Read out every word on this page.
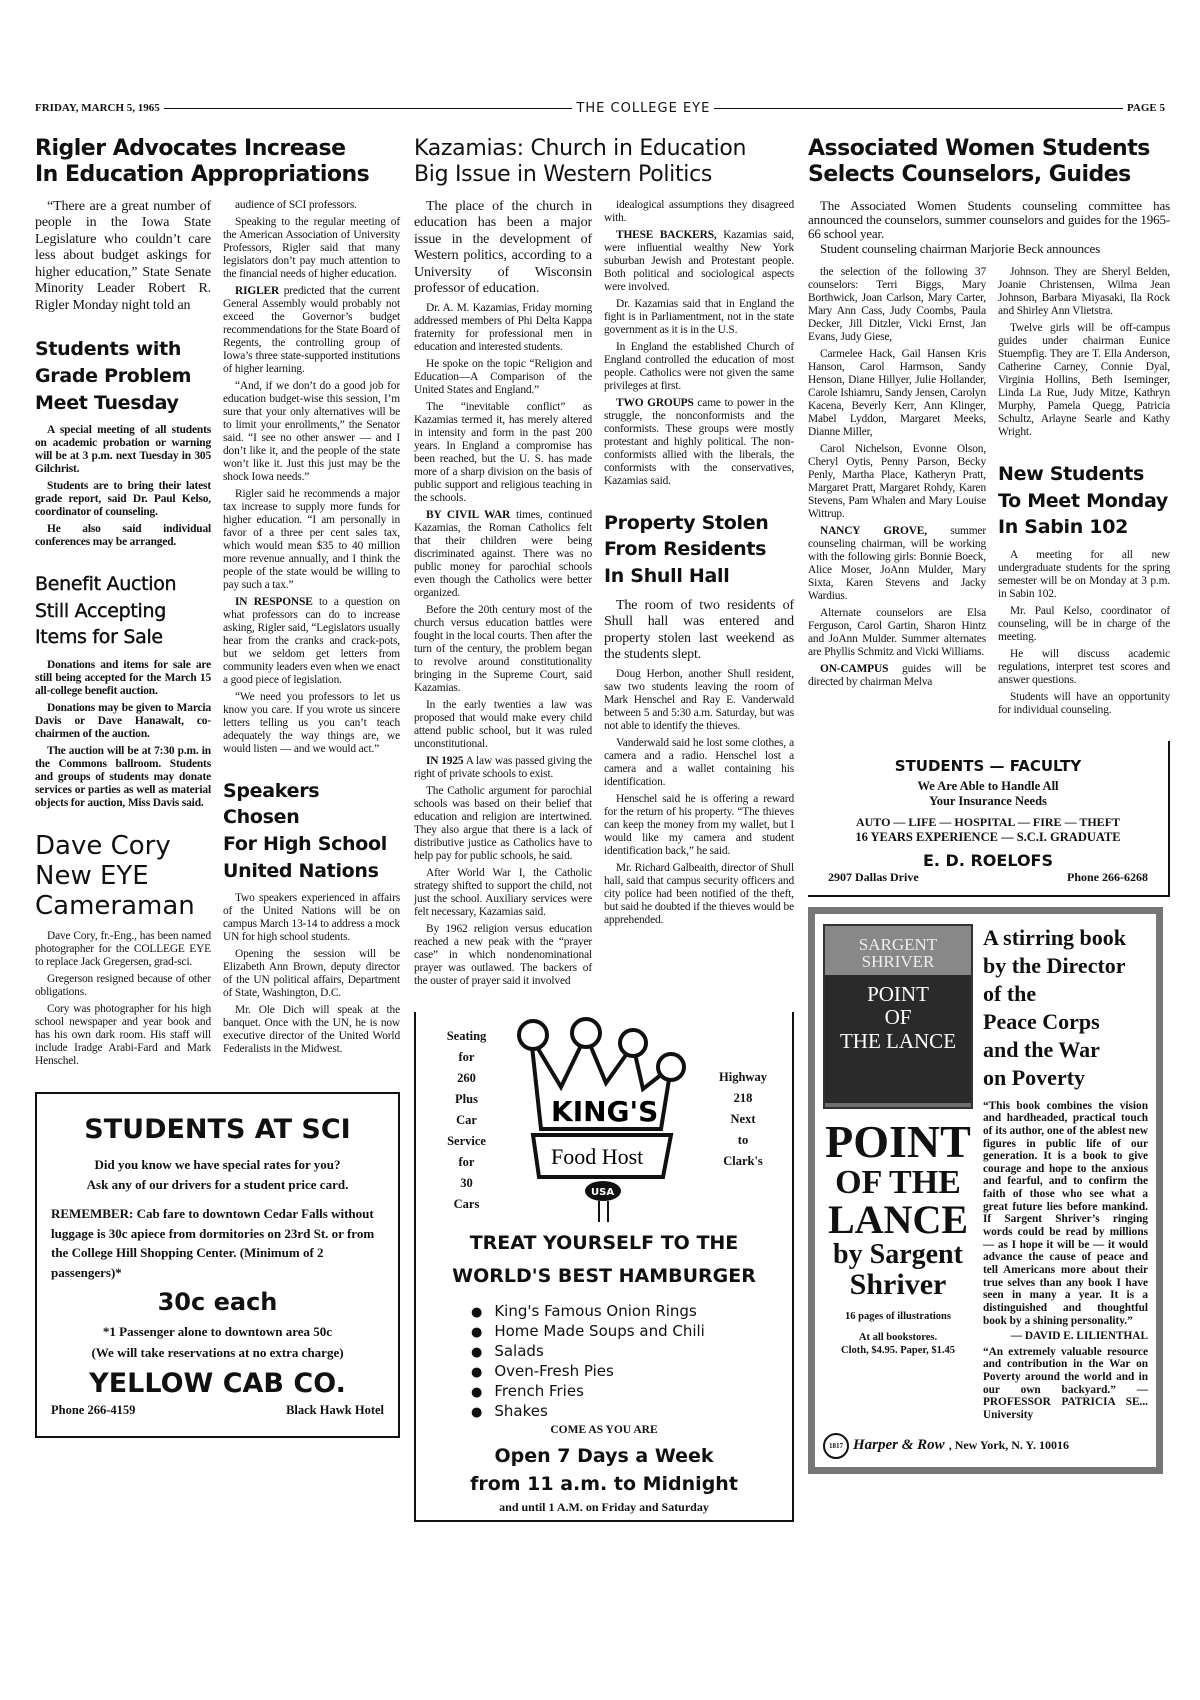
FRIDAY, MARCH 5, 1965	THE COLLEGE EYE	PAGE 5
Rigler Advocates Increase
In Education Appropriations

“There are a great number of people in the Iowa State Legislature who couldn’t care less about budget askings for higher education,” State Senate Minority Leader Robert R. Rigler Monday night told an

Students with
Grade Problem
Meet Tuesday

A special meeting of all students on academic probation or warning will be at 3 p.m. next Tuesday in 305 Gilchrist.

Students are to bring their latest grade report, said Dr. Paul Kelso, coordinator of counseling.

He also said individual conferences may be arranged.

Benefit Auction
Still Accepting
Items for Sale

Donations and items for sale are still being accepted for the March 15 all-college benefit auction.

Donations may be given to Marcia Davis or Dave Hanawalt, co-chairmen of the auction.

The auction will be at 7:30 p.m. in the Commons ballroom. Students and groups of students may donate services or parties as well as material objects for auction, Miss Davis said.

Dave Cory
New EYE
Cameraman

Dave Cory, fr.-Eng., has been named photographer for the COLLEGE EYE to replace Jack Gregersen, grad-sci.

Gregerson resigned because of other obligations.

Cory was photographer for his high school newspaper and year book and has his own dark room. His staff will include Iradge Arabi-Fard and Mark Henschel.

audience of SCI professors.

Speaking to the regular meeting of the American Association of University Professors, Rigler said that many legislators don’t pay much attention to the financial needs of higher education.

RIGLER predicted that the current General Assembly would probably not exceed the Governor’s budget recommendations for the State Board of Regents, the controlling group of Iowa’s three state-supported institutions of higher learning.

“And, if we don’t do a good job for education budget-wise this session, I’m sure that your only alternatives will be to limit your enrollments,” the Senator said. “I see no other answer — and I don’t like it, and the people of the state won’t like it. Just this just may be the shock Iowa needs.”

Rigler said he recommends a major tax increase to supply more funds for higher education. “I am personally in favor of a three per cent sales tax, which would mean $35 to 40 million more revenue annually, and I think the people of the state would be willing to pay such a tax.”

IN RESPONSE to a question on what professors can do to increase asking, Rigler said, “Legislators usually hear from the cranks and crack-pots, but we seldom get letters from community leaders even when we enact a good piece of legislation.

“We need you professors to let us know you care. If you wrote us sincere letters telling us you can’t teach adequately the way things are, we would listen — and we would act.”

Speakers Chosen
For High School
United Nations

Two speakers experienced in affairs of the United Nations will be on campus March 13-14 to address a mock UN for high school students.

Opening the session will be Elizabeth Ann Brown, deputy director of the UN political affairs, Department of State, Washington, D.C.

Mr. Ole Dich will speak at the banquet. Once with the UN, he is now executive director of the United World Federalists in the Midwest.

STUDENTS AT SCI
Did you know we have special rates for you?
Ask any of our drivers for a student price card.
REMEMBER: Cab fare to downtown Cedar Falls without luggage is 30c apiece from dormitories on 23rd St. or from the College Hill Shopping Center. (Minimum of 2 passengers)*
30c each
*1 Passenger alone to downtown area 50c
(We will take reservations at no extra charge)
YELLOW CAB CO.
Phone 266-4159	Black Hawk Hotel
Kazamias: Church in Education
Big Issue in Western Politics

The place of the church in education has been a major issue in the development of Western politics, according to a University of Wisconsin professor of education.

Dr. A. M. Kazamias, Friday morning addressed members of Phi Delta Kappa fraternity for professional men in education and interested students.

He spoke on the topic “Religion and Education—A Comparison of the United States and England.”

The “inevitable conflict” as Kazamias termed it, has merely altered in intensity and form in the past 200 years. In England a compromise has been reached, but the U. S. has made more of a sharp division on the basis of public support and religious teaching in the schools.

BY CIVIL WAR times, continued Kazamias, the Roman Catholics felt that their children were being discriminated against. There was no public money for parochial schools even though the Catholics were better organized.

Before the 20th century most of the church versus education battles were fought in the local courts. Then after the turn of the century, the problem began to revolve around constitutionality bringing in the Supreme Court, said Kazamias.

In the early twenties a law was proposed that would make every child attend public school, but it was ruled unconstitutional.

IN 1925 A law was passed giving the right of private schools to exist.

The Catholic argument for parochial schools was based on their belief that education and religion are intertwined. They also argue that there is a lack of distributive justice as Catholics have to help pay for public schools, he said.

After World War I, the Catholic strategy shifted to support the child, not just the school. Auxiliary services were felt necessary, Kazamias said.

By 1962 religion versus education reached a new peak with the “prayer case” in which nondenominational prayer was outlawed. The backers of the ouster of prayer said it involved

idealogical assumptions they disagreed with.

THESE BACKERS, Kazamias said, were influential wealthy New York suburban Jewish and Protestant people. Both political and sociological aspects were involved.

Dr. Kazamias said that in England the fight is in Parliamentment, not in the state government as it is in the U.S.

In England the established Church of England controlled the education of most people. Catholics were not given the same privileges at first.

TWO GROUPS came to power in the struggle, the nonconformists and the conformists. These groups were mostly protestant and highly political. The non-conformists allied with the liberals, the conformists with the conservatives, Kazamias said.

Property Stolen
From Residents
In Shull Hall

The room of two residents of Shull hall was entered and property stolen last weekend as the students slept.

Doug Herbon, another Shull resident, saw two students leaving the room of Mark Henschel and Ray E. Vanderwald between 5 and 5:30 a.m. Saturday, but was not able to identify the thieves.

Vanderwald said he lost some clothes, a camera and a radio. Henschel lost a camera and a wallet containing his identification.

Henschel said he is offering a reward for the return of his property. “The thieves can keep the money from my wallet, but I would like my camera and student identification back,” he said.

Mr. Richard Galbeaith, director of Shull hall, said that campus security officers and city police had been notified of the theft, but said he doubted if the thieves would be apprehended.

Seating
for
260
Plus
Car
Service
for
30
Cars
Highway
218
Next
to
Clark's
KING'S
Food Host
USA
TREAT YOURSELF TO THE
WORLD'S BEST HAMBURGER
● King's Famous Onion Rings
● Home Made Soups and Chili
● Salads
● Oven-Fresh Pies
● French Fries
● Shakes
COME AS YOU ARE
Open 7 Days a Week
from 11 a.m. to Midnight
and until 1 A.M. on Friday and Saturday
Associated Women Students
Selects Counselors, Guides

The Associated Women Students counseling committee has announced the counselors, summer counselors and guides for the 1965-66 school year.

Student counseling chairman Marjorie Beck announces

the selection of the following 37 counselors: Terri Biggs, Mary Borthwick, Joan Carlson, Mary Carter, Mary Ann Cass, Judy Coombs, Paula Decker, Jill Ditzler, Vicki Ernst, Jan Evans, Judy Giese,

Carmelee Hack, Gail Hansen Kris Hanson, Carol Harmson, Sandy Henson, Diane Hillyer, Julie Hollander, Carole Ishiamru, Sandy Jensen, Carolyn Kacena, Beverly Kerr, Ann Klinger, Mabel Lyddon, Margaret Meeks, Dianne Miller,

Carol Nichelson, Evonne Olson, Cheryl Oytis, Penny Parson, Becky Penly, Martha Place, Katheryn Pratt, Margaret Pratt, Margaret Rohdy, Karen Stevens, Pam Whalen and Mary Louise Wittrup.

NANCY GROVE, summer counseling chairman, will be working with the following girls: Bonnie Boeck, Alice Moser, JoAnn Mulder, Mary Sixta, Karen Stevens and Jacky Wardius.

Alternate counselors are Elsa Ferguson, Carol Gartin, Sharon Hintz and JoAnn Mulder. Summer alternates are Phyllis Schmitz and Vicki Williams.

ON-CAMPUS guides will be directed by chairman Melva

Johnson. They are Sheryl Belden, Joanie Christensen, Wilma Jean Johnson, Barbara Miyasaki, Ila Rock and Shirley Ann Vlietstra.

Twelve girls will be off-campus guides under chairman Eunice Stuempfig. They are T. Ella Anderson, Catherine Carney, Connie Dyal, Virginia Hollins, Beth Iseminger, Linda La Rue, Judy Mitze, Kathryn Murphy, Pamela Quegg, Patricia Schultz, Arlayne Searle and Kathy Wright.

New Students
To Meet Monday
In Sabin 102

A meeting for all new undergraduate students for the spring semester will be on Monday at 3 p.m. in Sabin 102.

Mr. Paul Kelso, coordinator of counseling, will be in charge of the meeting.

He will discuss academic regulations, interpret test scores and answer questions.

Students will have an opportunity for individual counseling.

STUDENTS — FACULTY
We Are Able to Handle All
Your Insurance Needs
AUTO — LIFE — HOSPITAL — FIRE — THEFT
16 YEARS EXPERIENCE — S.C.I. GRADUATE
E. D. ROELOFS
2907 Dallas Drive	Phone 266-6268
SARGENT
SHRIVER
POINT
OF
THE LANCE
POINT
OF THE
LANCE
by Sargent
Shriver
16 pages of illustrations
At all bookstores.
Cloth, $4.95. Paper, $1.45
A stirring book
by the Director
of the
Peace Corps
and the War
on Poverty

“This book combines the vision and hardheaded, practical touch of its author, one of the ablest new figures in public life of our generation. It is a book to give courage and hope to the anxious and fearful, and to confirm the faith of those who see what a great future lies before mankind. If Sargent Shriver’s ringing words could be read by millions — as I hope it will be — it would advance the cause of peace and tell Americans more about their true selves than any book I have seen in many a year. It is a distinguished and thoughtful book by a shining personality.”

— DAVID E. LILIENTHAL

“An extremely valuable resource and contribution in the War on Poverty around the world and in our own backyard.” — PROFESSOR PATRICIA SE... University

1817 Harper & Row , New York, N. Y. 10016
